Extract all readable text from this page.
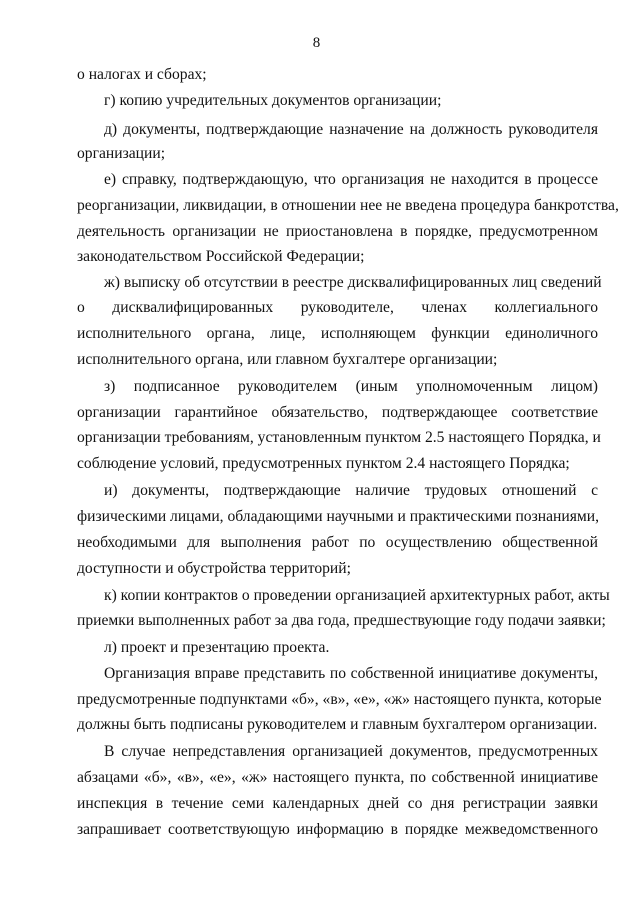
8
о налогах и сборах;
г) копию учредительных документов организации;
д) документы, подтверждающие назначение на должность руководителя
организации;
е) справку, подтверждающую, что организация не находится в процессе
реорганизации, ликвидации, в отношении нее не введена процедура банкротства,
деятельность организации не приостановлена в порядке, предусмотренном
законодательством Российской Федерации;
ж) выписку об отсутствии в реестре дисквалифицированных лиц сведений
о дисквалифицированных руководителе, членах коллегиального
исполнительного органа, лице, исполняющем функции единоличного
исполнительного органа, или главном бухгалтере организации;
з) подписанное руководителем (иным уполномоченным лицом)
организации гарантийное обязательство, подтверждающее соответствие
организации требованиям, установленным пунктом 2.5 настоящего Порядка, и
соблюдение условий, предусмотренных пунктом 2.4 настоящего Порядка;
и) документы, подтверждающие наличие трудовых отношений с
физическими лицами, обладающими научными и практическими познаниями,
необходимыми для выполнения работ по осуществлению общественной
доступности и обустройства территорий;
к) копии контрактов о проведении организацией архитектурных работ, акты
приемки выполненных работ за два года, предшествующие году подачи заявки;
л) проект и презентацию проекта.
Организация вправе представить по собственной инициативе документы,
предусмотренные подпунктами «б», «в», «е», «ж» настоящего пункта, которые
должны быть подписаны руководителем и главным бухгалтером организации.
В случае непредставления организацией документов, предусмотренных
абзацами «б», «в», «е», «ж» настоящего пункта, по собственной инициативе
инспекция в течение семи календарных дней со дня регистрации заявки
запрашивает соответствующую информацию в порядке межведомственного
